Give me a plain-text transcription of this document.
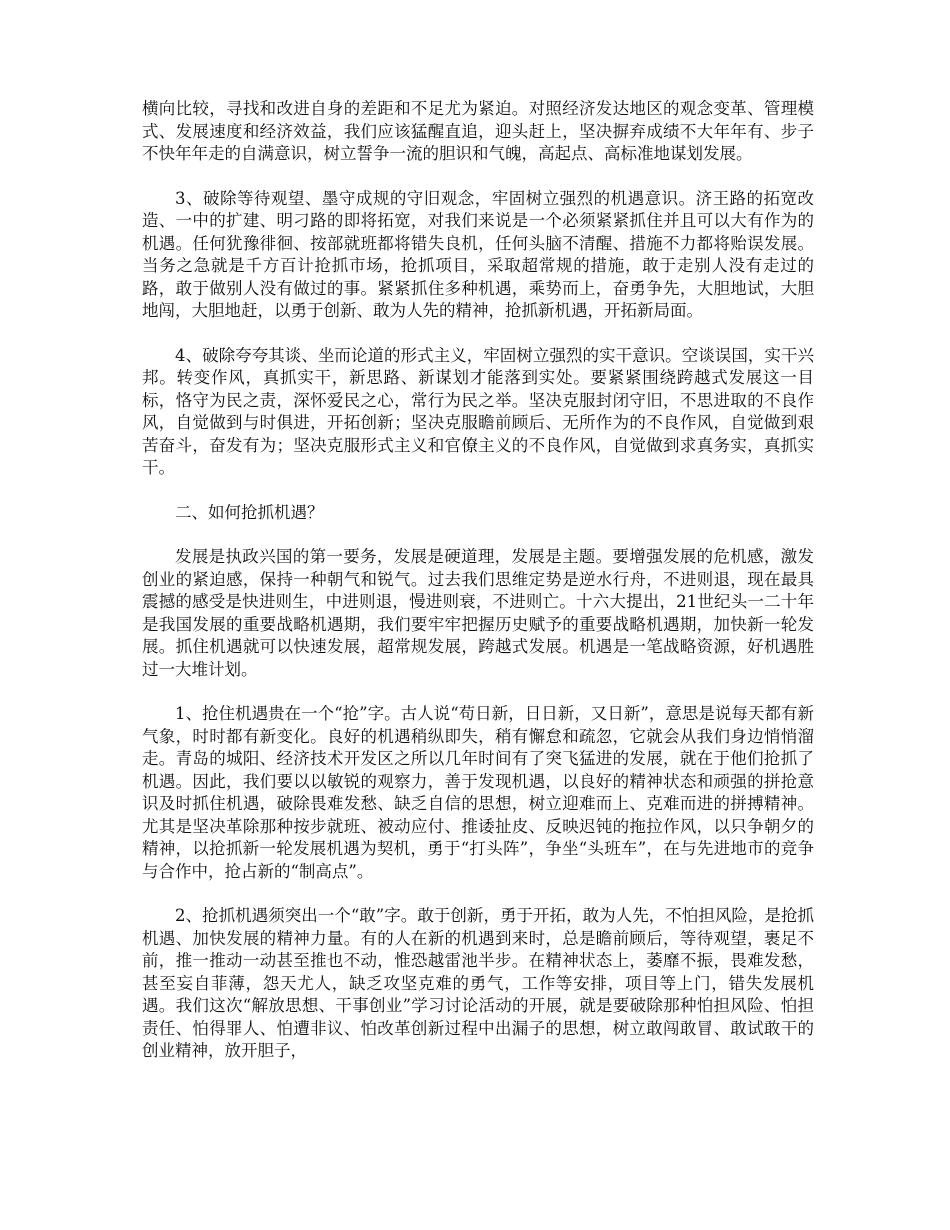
横向比较，寻找和改进自身的差距和不足尤为紧迫。对照经济发达地区的观念变革、管理模式、发展速度和经济效益，我们应该猛醒直追，迎头赶上，坚决摒弃成绩不大年年有、步子不快年年走的自满意识，树立誓争一流的胆识和气魄，高起点、高标准地谋划发展。

3、破除等待观望、墨守成规的守旧观念，牢固树立强烈的机遇意识。济王路的拓宽改造、一中的扩建、明刁路的即将拓宽，对我们来说是一个必须紧紧抓住并且可以大有作为的机遇。任何犹豫徘徊、按部就班都将错失良机，任何头脑不清醒、措施不力都将贻误发展。当务之急就是千方百计抢抓市场，抢抓项目，采取超常规的措施，敢于走别人没有走过的路，敢于做别人没有做过的事。紧紧抓住多种机遇，乘势而上，奋勇争先，大胆地试，大胆地闯，大胆地赶，以勇于创新、敢为人先的精神，抢抓新机遇，开拓新局面。

4、破除夸夸其谈、坐而论道的形式主义，牢固树立强烈的实干意识。空谈误国，实干兴邦。转变作风，真抓实干，新思路、新谋划才能落到实处。要紧紧围绕跨越式发展这一目标，恪守为民之责，深怀爱民之心，常行为民之举。坚决克服封闭守旧，不思进取的不良作风，自觉做到与时俱进，开拓创新；坚决克服瞻前顾后、无所作为的不良作风，自觉做到艰苦奋斗，奋发有为；坚决克服形式主义和官僚主义的不良作风，自觉做到求真务实，真抓实干。

二、如何抢抓机遇？

发展是执政兴国的第一要务，发展是硬道理，发展是主题。要增强发展的危机感，激发创业的紧迫感，保持一种朝气和锐气。过去我们思维定势是逆水行舟，不进则退，现在最具震撼的感受是快进则生，中进则退，慢进则衰，不进则亡。十六大提出，21世纪头一二十年是我国发展的重要战略机遇期，我们要牢牢把握历史赋予的重要战略机遇期，加快新一轮发展。抓住机遇就可以快速发展，超常规发展，跨越式发展。机遇是一笔战略资源，好机遇胜过一大堆计划。

1、抢住机遇贵在一个“抢”字。古人说“苟日新，日日新，又日新”，意思是说每天都有新气象，时时都有新变化。良好的机遇稍纵即失，稍有懈怠和疏忽，它就会从我们身边悄悄溜走。青岛的城阳、经济技术开发区之所以几年时间有了突飞猛进的发展，就在于他们抢抓了机遇。因此，我们要以以敏锐的观察力，善于发现机遇，以良好的精神状态和顽强的拼抢意识及时抓住机遇，破除畏难发愁、缺乏自信的思想，树立迎难而上、克难而进的拼搏精神。尤其是坚决革除那种按步就班、被动应付、推诿扯皮、反映迟钝的拖拉作风，以只争朝夕的精神，以抢抓新一轮发展机遇为契机，勇于“打头阵”，争坐“头班车”，在与先进地市的竞争与合作中，抢占新的“制高点”。

2、抢抓机遇须突出一个“敢”字。敢于创新，勇于开拓，敢为人先，不怕担风险，是抢抓机遇、加快发展的精神力量。有的人在新的机遇到来时，总是瞻前顾后，等待观望，裹足不前，推一推动一动甚至推也不动，惟恐越雷池半步。在精神状态上，萎靡不振，畏难发愁，甚至妄自菲薄，怨天尤人，缺乏攻坚克难的勇气，工作等安排，项目等上门，错失发展机遇。我们这次“解放思想、干事创业”学习讨论活动的开展，就是要破除那种怕担风险、怕担责任、怕得罪人、怕遭非议、怕改革创新过程中出漏子的思想，树立敢闯敢冒、敢试敢干的创业精神，放开胆子，
